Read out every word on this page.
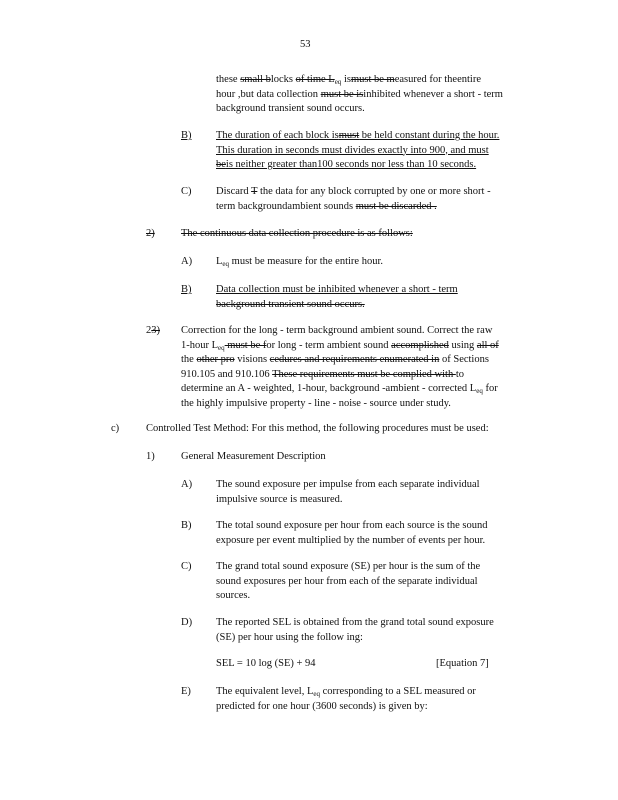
53
these small blocks of time $L_{eq}$ ismust be measured for theentire
hour ,but data collection must be isinhibited whenever a short - term
background transient sound occurs.
B) The duration of each block ismust be held constant during the hour.
This duration in seconds must divides exactly into 900, and must
beis neither greater than100 seconds nor less than 10 seconds.
C) Discard T the data for any block corrupted by one or more short -
term backgroundambient sounds must be discarded .
2)	The continuous data collection procedure is as follows:
A) $L_{eq}$ must be measure for the entire hour.
B) Data collection must be inhibited whenever a short - term
background transient sound occurs.
23) Correction for the long - term background ambient sound. Correct the raw
1-hour $L_{eq}$ must be for long - term ambient sound accomplished using all of
the other pro visions cedures and requirements enumerated in of Sections
910.105 and 910.106 These requirements must be complied with to
determine an A - weighted, 1-hour, background -ambient - corrected $L_{eq}$ for
the highly impulsive property - line - noise - source under study.
c)	Controlled Test Method: For this method, the following procedures must be used:
1)	General Measurement Description
A) The sound exposure per impulse from each separate individual
impulsive source is measured.
B) The total sound exposure per hour from each source is the sound
exposure per event multiplied by the number of events per hour.
C) The grand total sound exposure (SE) per hour is the sum of the
sound exposures per hour from each of the separate individual
sources.
D) The reported SEL is obtained from the grand total sound exposure
(SE) per hour using the follow ing:
SEL = 10 log (SE) + 94	[Equation 7]
E) The equivalent level, $L_{eq}$ corresponding to a SEL measured or
predicted for one hour (3600 seconds) is given by:
